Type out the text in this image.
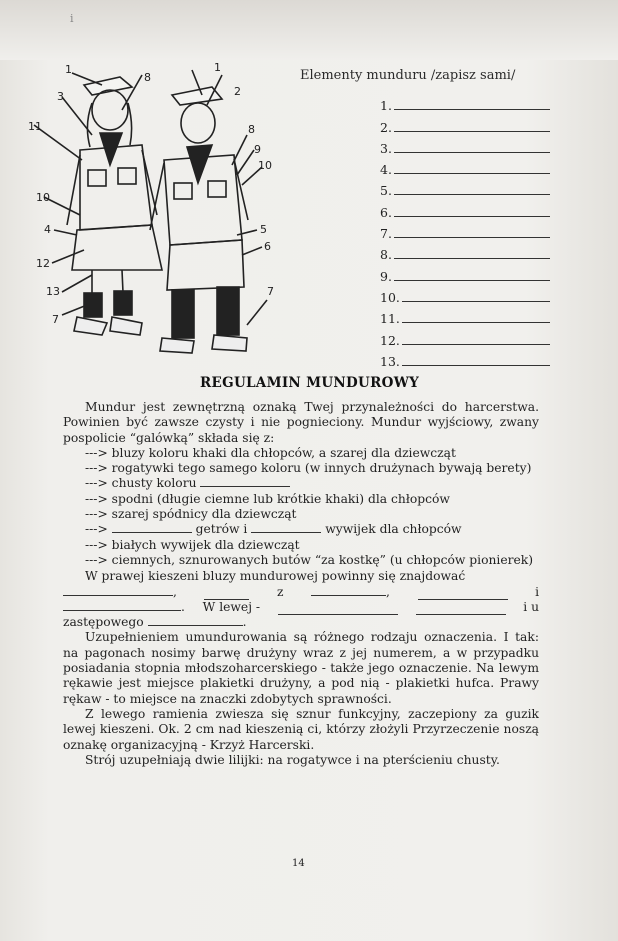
i
1
3
11
10
4
12
13
7
8
1
2
8
9
10
5
6
7
Elementy munduru /zapisz sami/
1.
2.
3.
4.
5.
6.
7.
8.
9.
10.
11.
12.
13.
REGULAMIN MUNDUROWY

Mundur jest zewnętrzną oznaką Twej przynależności do harcerstwa. Powinien być zawsze czysty i nie pognieciony. Mundur wyjściowy, zwany pospolicie “galówką” składa się z:

---> bluzy koloru khaki dla chłopców, a szarej dla dziewcząt

---> rogatywki tego samego koloru (w innych drużynach bywają berety)

---> chusty koloru

---> spodni (długie ciemne lub krótkie khaki) dla chłopców

---> szarej spódnicy dla dziewcząt

--->	getrów i	wywijek dla chłopców

---> białych wywijek dla dziewcząt

---> ciemnych, sznurowanych butów “za kostkę” (u chłopców pionierek)

W prawej kieszeni bluzy mundurowej powinny się znajdować

,	z	,	i
. W lewej -	i u

zastępowego	.

Uzupełnieniem umundurowania są różnego rodzaju oznaczenia. I tak: na pagonach nosimy barwę drużyny wraz z jej numerem, a w przypadku posiadania stopnia młodszoharcerskiego - także jego oznaczenie. Na lewym rękawie jest miejsce plakietki drużyny, a pod nią - plakietki hufca. Prawy rękaw - to miejsce na znaczki zdobytych sprawności.

Z lewego ramienia zwiesza się sznur funkcyjny, zaczepiony za guzik lewej kieszeni. Ok. 2 cm nad kieszenią ci, którzy złożyli Przyrzeczenie noszą oznakę organizacyjną - Krzyż Harcerski.

Strój uzupełniają dwie lilijki: na rogatywce i na pterścieniu chusty.

14
